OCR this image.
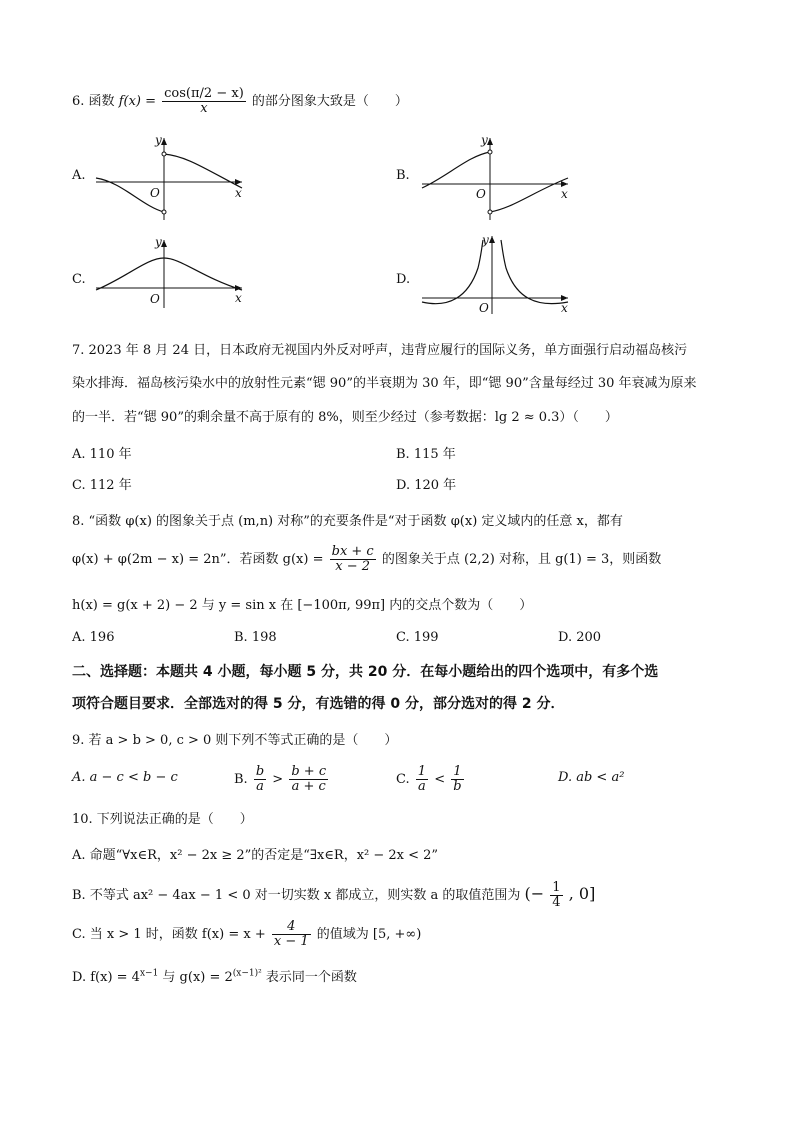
6. 函数 $f(x) = \frac{\cos(\pi/2 - x)}{x}$ 的部分图象大致是（　　）
A.
y
O	x
B.
y
O	x
C.
y
O	x
D.
y
O	x
7. 2023 年 8 月 24 日，日本政府无视国内外反对呼声，违背应履行的国际义务，单方面强行启动福岛核污
染水排海．福岛核污染水中的放射性元素“锶 90”的半衰期为 30 年，即“锶 90”含量每经过 30 年衰减为原来
的一半．若“锶 90”的剩余量不高于原有的 8%，则至少经过（参考数据：lg 2 ≈ 0.3）（　　）
A. 110 年	B. 115 年
C. 112 年	D. 120 年
8. “函数 φ(x) 的图象关于点 (m,n) 对称”的充要条件是“对于函数 φ(x) 定义域内的任意 x，都有
φ(x) + φ(2m − x) = 2n”．若函数 $g(x) = \frac{bx + c}{x - 2}$ 的图象关于点 (2,2) 对称，且 g(1) = 3，则函数
h(x) = g(x + 2) − 2 与 y = sin x 在 [−100π, 99π] 内的交点个数为（　　）
A. 196	B. 198	C. 199	D. 200
二、选择题：本题共 4 小题，每小题 5 分，共 20 分．在每小题给出的四个选项中，有多个选
项符合题目要求．全部选对的得 5 分，有选错的得 0 分，部分选对的得 2 分．
9. 若 a > b > 0, c > 0 则下列不等式正确的是（　　）
A. a − c < b − c	B. $\frac{b}{a} > \frac{b + c}{a + c}$	C. $\frac{1}{a} < \frac{1}{b}$	D. ab < a²
10. 下列说法正确的是（　　）
A. 命题“∀x∈R，x² − 2x ≥ 2”的否定是“∃x∈R，x² − 2x < 2”
B. 不等式 ax² − 4ax − 1 < 0 对一切实数 x 都成立，则实数 a 的取值范围为 (− $\frac{1}{4}$ , 0]
C. 当 x > 1 时，函数 $f(x) = x + \frac{4}{x - 1}$ 的值域为 [5, +∞)
D. $f(x) = 4^{x-1}$ 与 $g(x) = 2^{(x-1)^2}$ 表示同一个函数
